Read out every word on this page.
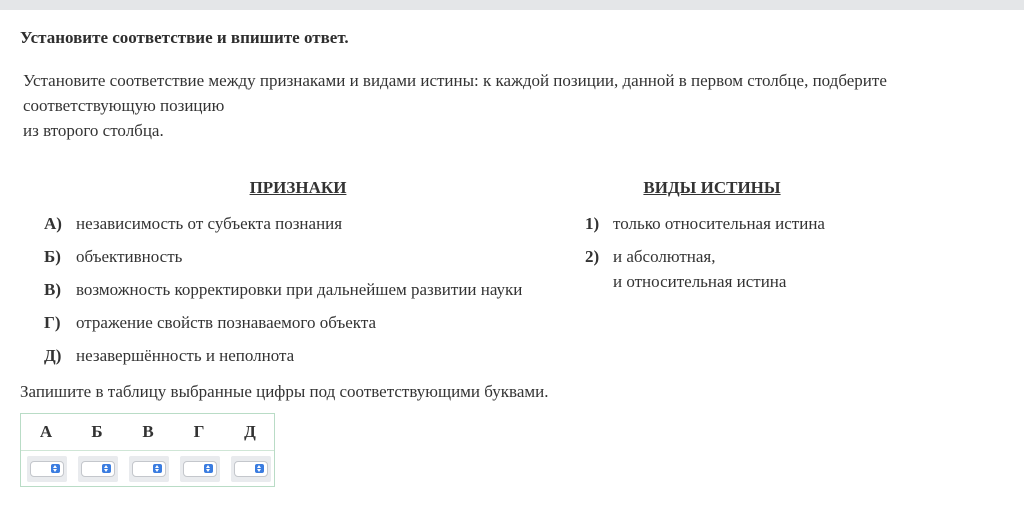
Установите соответствие и впишите ответ.
Установите соответствие между признаками и видами истины: к каждой позиции, данной в первом столбце, подберите
соответствующую позицию
из второго столбца.
ПРИЗНАКИ	ВИДЫ ИСТИНЫ
А) независимость от субъекта познания
Б) объективность
В) возможность корректировки при дальнейшем развитии науки
Г) отражение свойств познаваемого объекта
Д) незавершённость и неполнота
1) только относительная истина
2) и абсолютная,
и относительная истина
Запишите в таблицу выбранные цифры под соответствующими буквами.
А	Б	В	Г	Д
